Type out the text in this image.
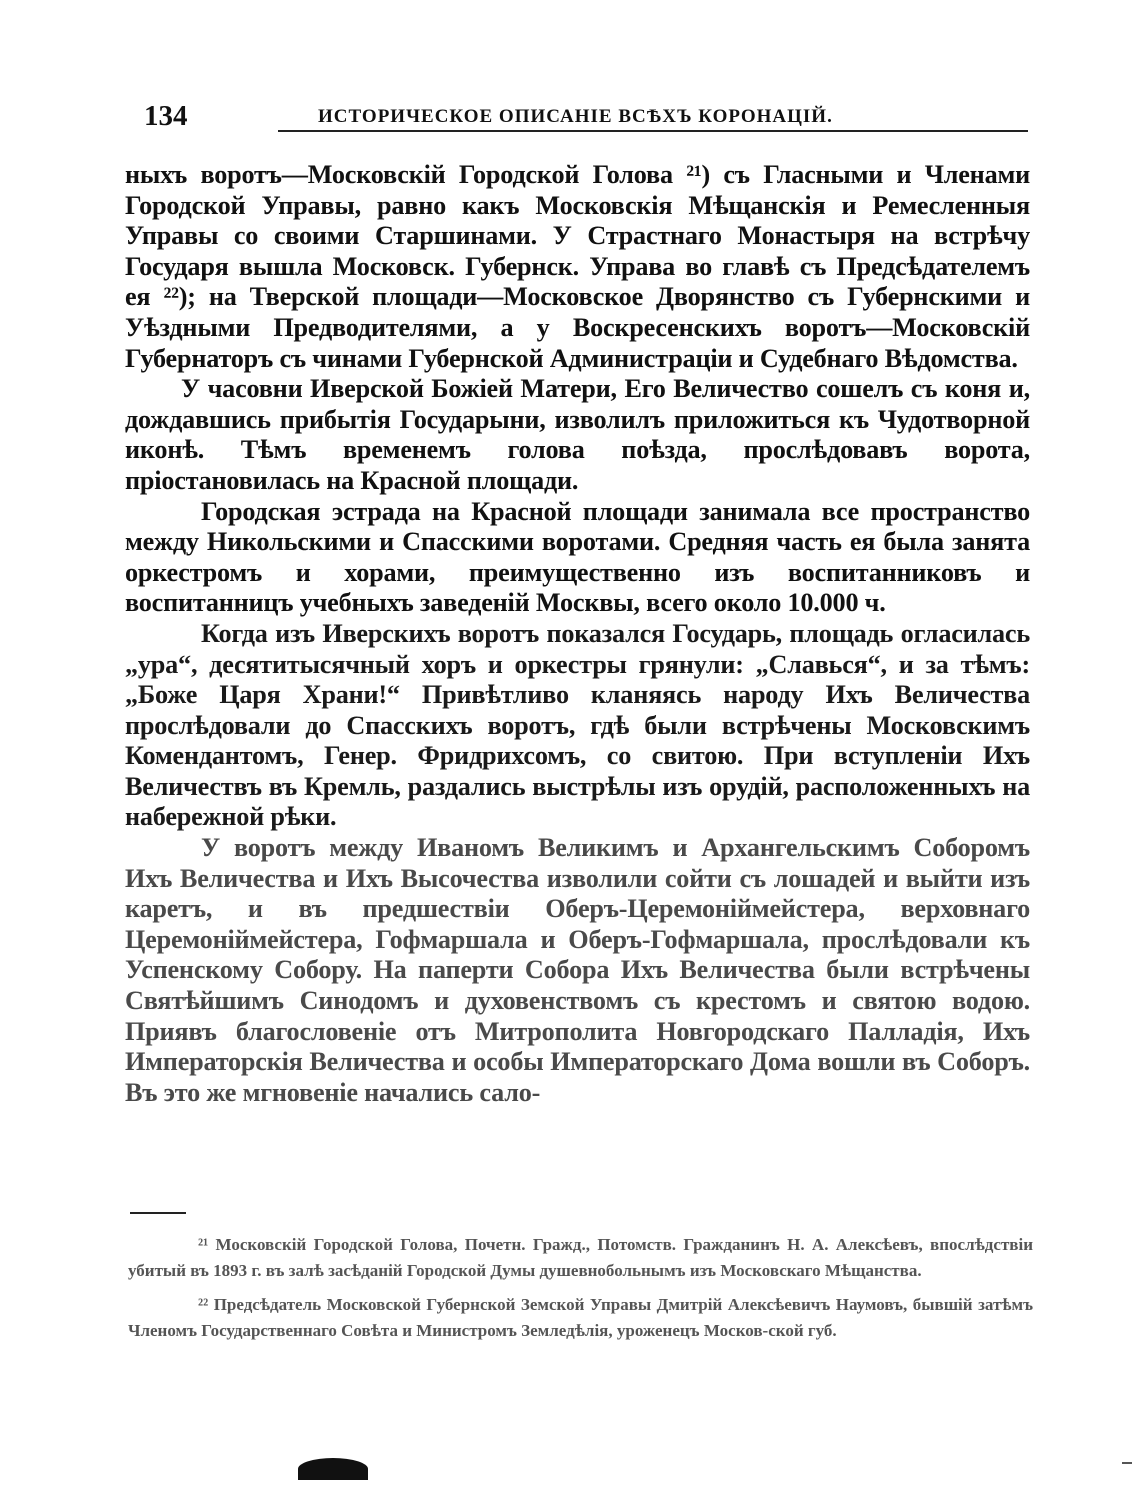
134	ИСТОРИЧЕСКОЕ ОПИСАНІЕ ВСѢХЪ КОРОНАЦІЙ.

ныхъ воротъ—Московскій Городской Голова ²¹) съ Гласными и Членами Городской Управы, равно какъ Московскія Мѣщанскія и Ремесленныя Управы со своими Старшинами. У Страстнаго Монастыря на встрѣчу Государя вышла Московск. Губернск. Управа во главѣ съ Предсѣдателемъ ея ²²); на Тверской площади—Московское Дворянство съ Губернскими и Уѣздными Предводителями, а у Воскресенскихъ воротъ—Московскій Губернаторъ съ чинами Губернской Администраціи и Судебнаго Вѣдомства.

У часовни Иверской Божіей Матери, Его Величество сошелъ съ коня и, дождавшись прибытія Государыни, изволилъ приложиться къ Чудотворной иконѣ. Тѣмъ временемъ голова поѣзда, прослѣдовавъ ворота, пріостановилась на Красной площади.

Городская эстрада на Красной площади занимала все пространство между Никольскими и Спасскими воротами. Средняя часть ея была занята оркестромъ и хорами, преимущественно изъ воспитанниковъ и воспитанницъ учебныхъ заведеній Москвы, всего около 10.000 ч.

Когда изъ Иверскихъ воротъ показался Государь, площадь огласилась „ура“, десятитысячный хоръ и оркестры грянули: „Славься“, и за тѣмъ: „Боже Царя Храни!“ Привѣтливо кланяясь народу Ихъ Величества прослѣдовали до Спасскихъ воротъ, гдѣ были встрѣчены Московскимъ Комендантомъ, Генер. Фридрихсомъ, со свитою. При вступленіи Ихъ Величествъ въ Кремль, раздались выстрѣлы изъ орудій, расположенныхъ на набережной рѣки.

У воротъ между Иваномъ Великимъ и Архангельскимъ Соборомъ Ихъ Величества и Ихъ Высочества изволили сойти съ лошадей и выйти изъ каретъ, и въ предшествіи Оберъ-Церемоніймейстера, верховнаго Церемоніймейстера, Гофмаршала и Оберъ-Гофмаршала, прослѣдовали къ Успенскому Собору. На паперти Собора Ихъ Величества были встрѣчены Святѣйшимъ Синодомъ и духовенствомъ съ крестомъ и святою водою. Приявъ благословеніе отъ Митрополита Новгородскаго Палладія, Ихъ Императорскія Величества и особы Императорскаго Дома вошли въ Соборъ. Въ это же мгновеніе начались сало-

²¹ Московскій Городской Голова, Почетн. Гражд., Потомств. Гражданинъ Н. А. Алексѣевъ, впослѣдствіи убитый въ 1893 г. въ залѣ засѣданій Городской Думы душевнобольнымъ изъ Московскаго Мѣщанства.

²² Предсѣдатель Московской Губернской Земской Управы Дмитрій Алексѣевичъ Наумовъ, бывшій затѣмъ Членомъ Государственнаго Совѣта и Министромъ Земледѣлія, уроженецъ Москов-ской губ.
